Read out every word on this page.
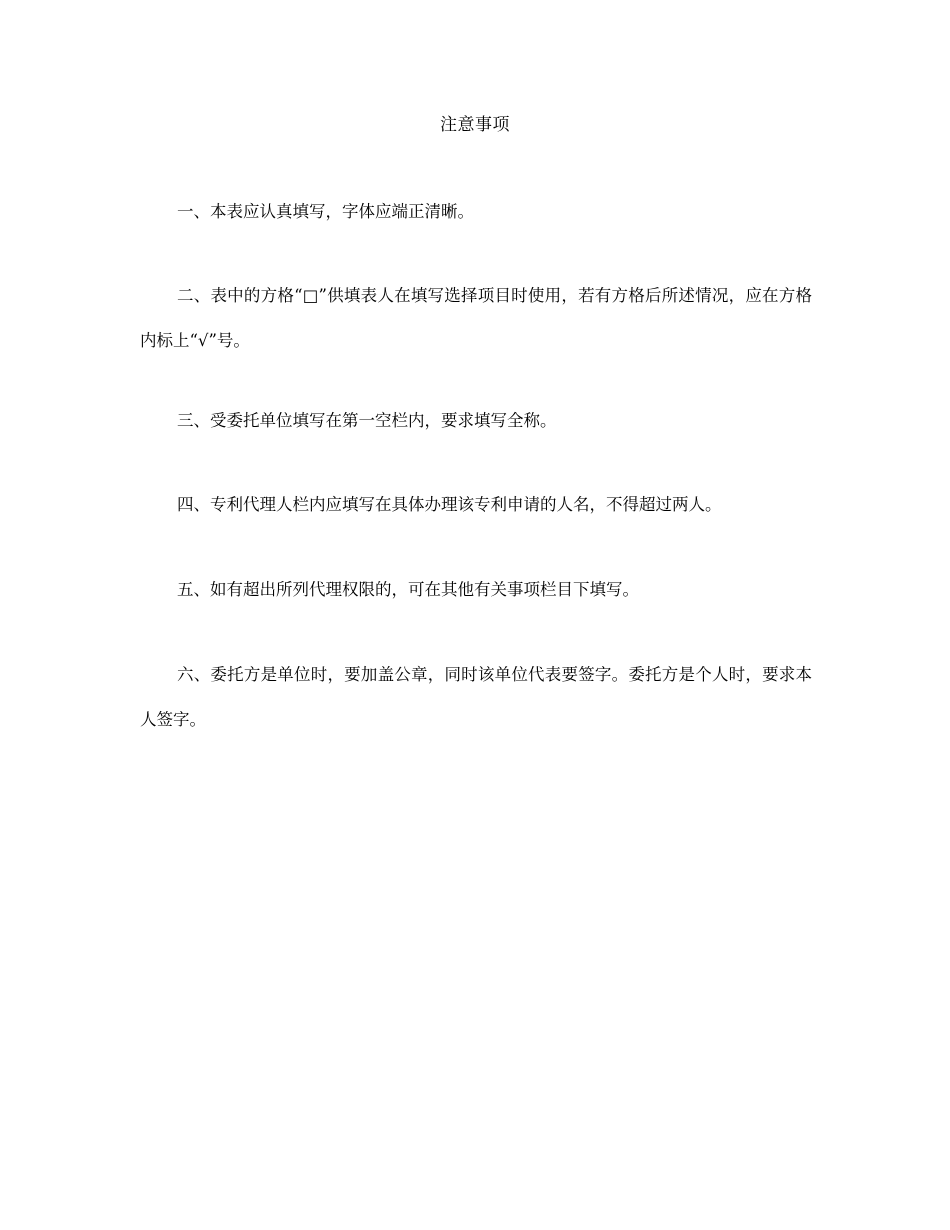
注意事项

一、本表应认真填写，字体应端正清晰。

二、表中的方格“□”供填表人在填写选择项目时使用，若有方格后所述情况，应在方格内标上“√”号。

三、受委托单位填写在第一空栏内，要求填写全称。

四、专利代理人栏内应填写在具体办理该专利申请的人名，不得超过两人。

五、如有超出所列代理权限的，可在其他有关事项栏目下填写。

六、委托方是单位时，要加盖公章，同时该单位代表要签字。委托方是个人时，要求本人签字。
